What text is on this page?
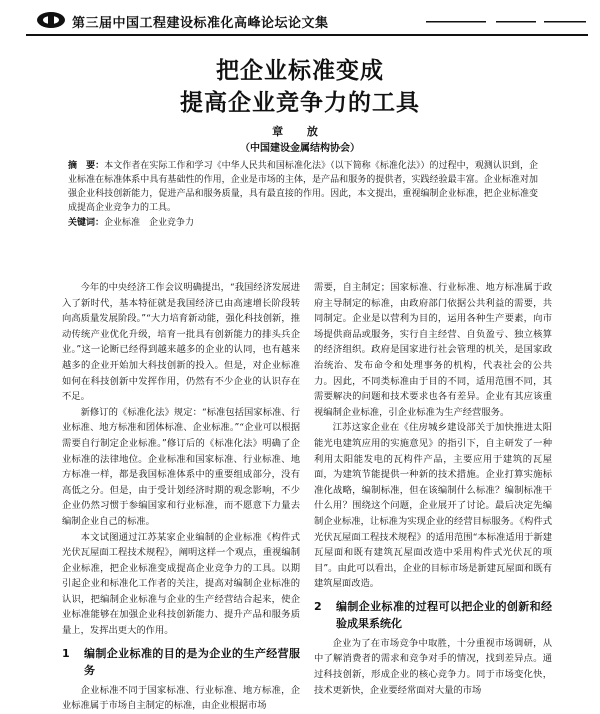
第三届中国工程建设标准化高峰论坛论文集
把企业标准变成
提高企业竞争力的工具
章 放
（中国建设金属结构协会）
摘　要：本文作者在实际工作和学习《中华人民共和国标准化法》（以下简称《标准化法》）的过程中，观测认识到，企业标准在标准体系中具有基础性的作用，企业是市场的主体，是产品和服务的提供者，实践经验最丰富。企业标准对加强企业科技创新能力，促进产品和服务质量，具有最直接的作用。因此，本文提出，重视编制企业标准，把企业标准变成提高企业竞争力的工具。
关键词：企业标准　企业竞争力

今年的中央经济工作会议明确提出，“我国经济发展进入了新时代，基本特征就是我国经济已由高速增长阶段转向高质量发展阶段。”“大力培育新动能，强化科技创新，推动传统产业优化升级，培育一批具有创新能力的排头兵企业。”这一论断已经得到越来越多的企业的认同，也有越来越多的企业开始加大科技创新的投入。但是，对企业标准如何在科技创新中发挥作用，仍然有不少企业的认识存在不足。

新修订的《标准化法》规定：“标准包括国家标准、行业标准、地方标准和团体标准、企业标准。”“企业可以根据需要自行制定企业标准。”修订后的《标准化法》明确了企业标准的法律地位。企业标准和国家标准、行业标准、地方标准一样，都是我国标准体系中的重要组成部分，没有高低之分。但是，由于受计划经济时期的观念影响，不少企业仍然习惯于参编国家和行业标准，而不愿意下力量去编制企业自己的标准。

本文试图通过江苏某家企业编制的企业标准《构件式光伏瓦屋面工程技术规程》，阐明这样一个观点，重视编制企业标准，把企业标准变成提高企业竞争力的工具。以期引起企业和标准化工作者的关注，提高对编制企业标准的认识，把编制企业标准与企业的生产经营结合起来，使企业标准能够在加强企业科技创新能力、提升产品和服务质量上，发挥出更大的作用。

1	编制企业标准的目的是为企业的生产经营服务

企业标准不同于国家标准、行业标准、地方标准，企业标准属于市场自主制定的标准，由企业根据市场

需要，自主制定；国家标准、行业标准、地方标准属于政府主导制定的标准，由政府部门依据公共利益的需要，共同制定。企业是以营利为目的，运用各种生产要素，向市场提供商品或服务，实行自主经营、自负盈亏、独立核算的经济组织。政府是国家进行社会管理的机关，是国家政治统治、发布命令和处理事务的机构，代表社会的公共力。因此，不同类标准由于目的不同，适用范围不同，其需要解决的问题和技术要求也各有差异。企业有其应该重视编制企业标准，引企业标准为生产经营服务。

江苏这家企业在《住房城乡建设部关于加快推进太阳能光电建筑应用的实施意见》的指引下，自主研发了一种利用太阳能发电的瓦构件产品，主要应用于建筑的瓦屋面，为建筑节能提供一种新的技术措施。企业打算实施标准化战略，编制标准，但在该编制什么标准？编制标准干什么用？围绕这个问题，企业展开了讨论。最后决定先编制企业标准，让标准为实现企业的经营目标服务。《构件式光伏瓦屋面工程技术规程》的适用范围“本标准适用于新建瓦屋面和既有建筑瓦屋面改造中采用构件式光伏瓦的项目”。由此可以看出，企业的目标市场是新建瓦屋面和既有建筑屋面改造。

2	编制企业标准的过程可以把企业的创新和经验成果系统化

企业为了在市场竞争中取胜，十分重视市场调研，从中了解消费者的需求和竞争对手的情况，找到差异点。通过科技创新，形成企业的核心竞争力。同于市场变化快，技术更新快，企业要经常面对大量的市场
